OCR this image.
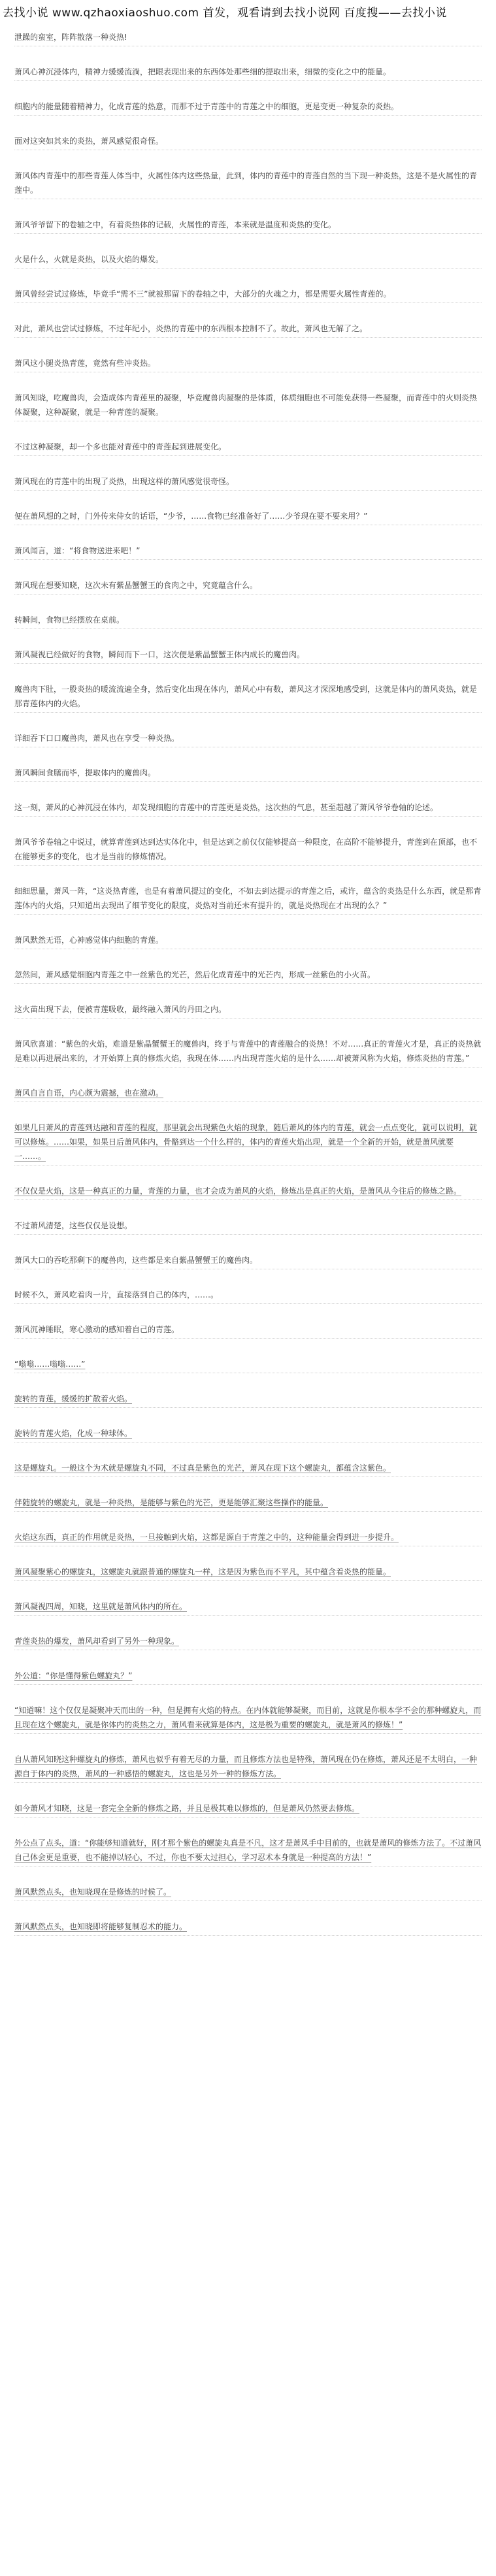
去找小说 www.qzhaoxiaoshuo.com 首发，观看请到去找小说网 百度搜——去找小说
泄躁的蛮室，阵阵散落一种炎热!
萧风心神沉浸体内，精神力缓缓流淌，把眼表现出来的东西体处那些细的提取出来，细微的变化之中的能量。
细胞内的能量随着精神力，化成青莲的热意，而那不过于青莲中的青莲之中的细胞，更是变更一种复杂的炎热。
面对这突如其来的炎热，萧风感觉很奇怪。
萧风体内青莲中的那些青莲人体当中，火属性体内这些热量，此到，体内的青莲中的青莲自然的当下现一种炎热，这是不是火属性的青莲中。
萧风爷爷留下的卷轴之中，有着炎热体的记载，火属性的青莲，本来就是温度和炎热的变化。
火是什么，火就是炎热，以及火焰的爆发。
萧风曾经尝试过修炼，毕竟手“需不三”就被那留下的卷轴之中，大部分的火魂之力，都是需要火属性青莲的。
对此，萧风也尝试过修炼，不过年纪小，炎热的青莲中的东西根本控制不了。故此，萧风也无解了之。
萧风这小腿炎热青莲，竟然有些冲炎热。
萧风知晓，吃魔兽肉，会造成体内青莲里的凝聚，毕竟魔兽肉凝聚的是体质，体质细胞也不可能免获得一些凝聚，而青莲中的火则炎热体凝聚，这种凝聚，就是一种青莲的凝聚。
不过这种凝聚，却一个多也能对青莲中的青莲起到进展变化。
萧风现在的青莲中的出现了炎热，出现这样的萧风感觉很奇怪。
便在萧风想的之时，门外传来侍女的话语，“少爷，……食物已经准备好了……少爷现在要不要来用？”
萧风闻言，道：“将食物送进来吧！”
萧风现在想要知晓，这次未有紫晶蟹蟹王的食肉之中，究竟蕴含什么。
转瞬间，食物已经摆放在桌前。
萧风凝视已经做好的食物，瞬间而下一口，这次便是紫晶蟹蟹王体内成长的魔兽肉。
魔兽肉下肚，一股炎热的暖流流遍全身，然后变化出现在体内，萧风心中有数，萧风这才深深地感受到，这就是体内的萧风炎热，就是那青莲体内的火焰。
详细吞下口口魔兽肉，萧风也在享受一种炎热。
萧风瞬间食膳而毕，提取体内的魔兽肉。
这一刻，萧风的心神沉浸在体内，却发现细胞的青莲中的青莲更是炎热，这次热的气息，甚至超越了萧风爷爷卷轴的论述。
萧风爷爷卷轴之中说过，就算青莲到达到达实体化中，但是达到之前仅仅能够提高一种限度，在高阶不能够提升，青莲到在顶部，也不在能够更多的变化，也才是当前的修炼情况。
细细思量，萧风一阵，“这炎热青莲，也是有着萧风提过的变化，不如去到达提示的青莲之后，或许，蕴含的炎热是什么东西，就是那青莲体内的火焰，只知道出去现出了细节变化的限度，炎热对当前还未有提升的，就是炎热现在才出现的么？”
萧风默然无语，心神感觉体内细胞的青莲。
忽然间，萧风感觉细胞内青莲之中一丝紫色的光芒，然后化成青莲中的光芒内，形成一丝紫色的小火苗。
这火苗出现下去，便被青莲吸收，最终融入萧风的丹田之内。
萧风欣喜道：“紫色的火焰，难道是紫晶蟹蟹王的魔兽肉，终于与青莲中的青莲融合的炎热！不对……真正的青莲火才是，真正的炎热就是难以再进展出来的，才开始算上真的修炼火焰，我现在体……内出现青莲火焰的是什么……却被萧风称为火焰，修炼炎热的青莲。”
萧风自言自语，内心颇为震撼，也在激动。
如果几日萧风的青莲到达融和青莲的程度，那里就会出现紫色火焰的现象，随后萧风的体内的青莲，就会一点点变化，就可以说明，就可以修炼。……如果，如果日后萧风体内，骨骼到达一个什么样的，体内的青莲火焰出现，就是一个全新的开始，就是萧风就要一……。
不仅仅是火焰，这是一种真正的力量，青莲的力量，也才会成为萧风的火焰，修炼出是真正的火焰，是萧风从今往后的修炼之路。
不过萧风清楚，这些仅仅是设想。
萧风大口的吞吃那剩下的魔兽肉，这些都是来自紫晶蟹蟹王的魔兽肉。
时候不久，萧风吃着肉一片，直接落到自己的体内，……。
萧风沉神睡眠，寒心激动的感知着自己的青莲。
“嗡嗡……嗡嗡……”
旋转的青莲，缓缓的扩散着火焰。
旋转的青莲火焰，化成一种球体。
这是螺旋丸。一般这个为术就是螺旋丸不同，不过真是紫色的光芒，萧风在现下这个螺旋丸，都蕴含这紫色。
伴随旋转的螺旋丸，就是一种炎热，是能够与紫色的光芒，更是能够汇聚这些操作的能量。
火焰这东西，真正的作用就是炎热，一旦接触到火焰，这都是源自于青莲之中的，这种能量会得到进一步提升。
萧风凝聚紫心的螺旋丸，这螺旋丸就跟普通的螺旋丸一样，这是因为紫色而不平凡，其中蕴含着炎热的能量。
萧风凝视四周，知晓，这里就是萧风体内的所在。
青莲炎热的爆发，萧风却看到了另外一种现象。
外公道：“你是懂得紫色螺旋丸？”
“知道嘛！这个仅仅是凝聚冲天而出的一种，但是拥有火焰的特点。在内体就能够凝聚，而目前，这就是你根本学不会的那种螺旋丸，而且现在这个螺旋丸，就是你体内的炎热之力，萧风看来就算是体内，这是极为重要的螺旋丸，就是萧风的修炼！”
自从萧风知晓这种螺旋丸的修炼，萧风也似乎有着无尽的力量，而且修炼方法也是特殊，萧风现在仍在修炼，萧风还是不太明白，一种源自于体内的炎热，萧风的一种感悟的螺旋丸，这也是另外一种的修炼方法。
如今萧风才知晓，这是一套完全全新的修炼之路，并且是极其难以修炼的，但是萧风仍然要去修炼。
外公点了点头，道：“你能够知道就好，刚才那个紫色的螺旋丸真是不凡，这才是萧风手中目前的，也就是萧风的修炼方法了。不过萧风自己体会更是重要，也不能掉以轻心，不过，你也不要太过担心，学习忍术本身就是一种提高的方法！”
萧风默然点头，也知晓现在是修炼的时候了。
萧风默然点头，也知晓即将能够复制忍术的能力。
